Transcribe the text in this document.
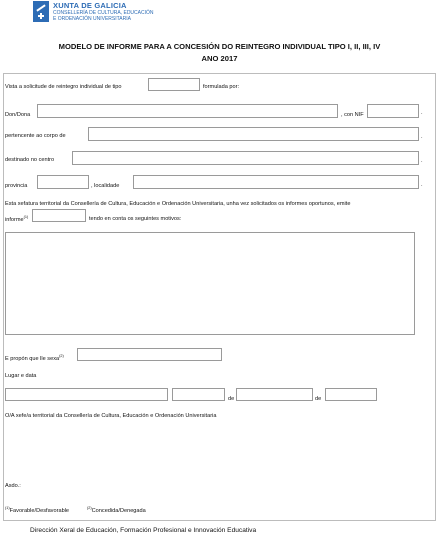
XUNTA DE GALICIA
CONSELLERÍA DE CULTURA, EDUCACIÓN
E ORDENACIÓN UNIVERSITARIA
MODELO DE INFORME PARA A CONCESIÓN DO REINTEGRO INDIVIDUAL TIPO I, II, III, IV
ANO 2017
Vista a solicitude de reintegro individual de tipo	formulada por:
Don/Dona	, con NIF	.
pertencente ao corpo de	.
destinado no centro	.
provincia	, localidade	.
Esta xefatura territorial da Consellería de Cultura, Educación e Ordenación Universitaria, unha vez solicitados os informes oportunos, emite
informe$^{(1)}$	tendo en conta os seguintes motivos:
E propón que lle sexa$^{(2)}$
Lugar e data
de	de
O/A xefe/a territorial da Consellería de Cultura, Educación e Ordenación Universitaria
Asdo.:
$^{(1)}$Favorable/Desfavorable	$^{(2)}$Concedida/Denegada
Dirección Xeral de Educación, Formación Profesional e Innovación Educativa
